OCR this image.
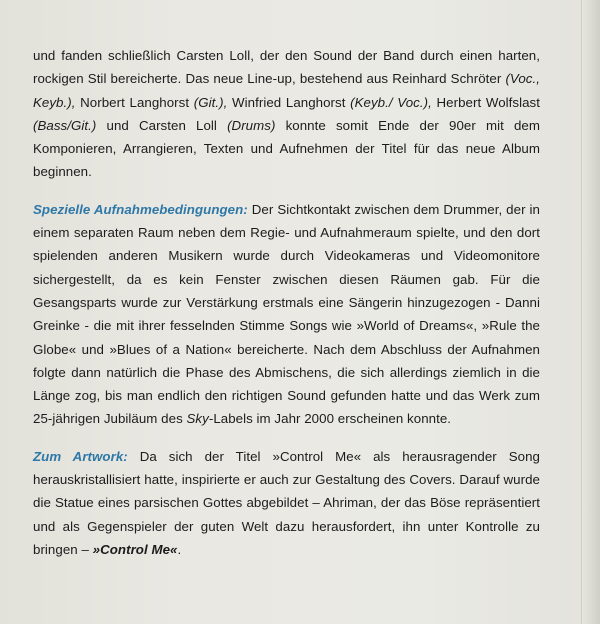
und fanden schließlich Carsten Loll, der den Sound der Band durch einen harten, rockigen Stil bereicherte. Das neue Line-up, bestehend aus Reinhard Schröter (Voc., Keyb.), Norbert Langhorst (Git.), Winfried Langhorst (Keyb./ Voc.), Herbert Wolfslast (Bass/Git.) und Carsten Loll (Drums) konnte somit Ende der 90er mit dem Komponieren, Arrangieren, Texten und Aufnehmen der Titel für das neue Album beginnen.

Spezielle Aufnahmebedingungen: Der Sichtkontakt zwischen dem Drummer, der in einem separaten Raum neben dem Regie- und Aufnahmeraum spielte, und den dort spielenden anderen Musikern wurde durch Videokameras und Videomonitore sichergestellt, da es kein Fenster zwischen diesen Räumen gab. Für die Gesangsparts wurde zur Verstärkung erstmals eine Sängerin hinzugezogen - Danni Greinke - die mit ihrer fesselnden Stimme Songs wie »World of Dreams«, »Rule the Globe« und »Blues of a Nation« bereicherte. Nach dem Abschluss der Aufnahmen folgte dann natürlich die Phase des Abmischens, die sich allerdings ziemlich in die Länge zog, bis man endlich den richtigen Sound gefunden hatte und das Werk zum 25-jährigen Jubiläum des Sky-Labels im Jahr 2000 erscheinen konnte.

Zum Artwork: Da sich der Titel »Control Me« als herausragender Song herauskristallisiert hatte, inspirierte er auch zur Gestaltung des Covers. Darauf wurde die Statue eines parsischen Gottes abgebildet – Ahriman, der das Böse repräsentiert und als Gegenspieler der guten Welt dazu herausfordert, ihn unter Kontrolle zu bringen – »Control Me«.
